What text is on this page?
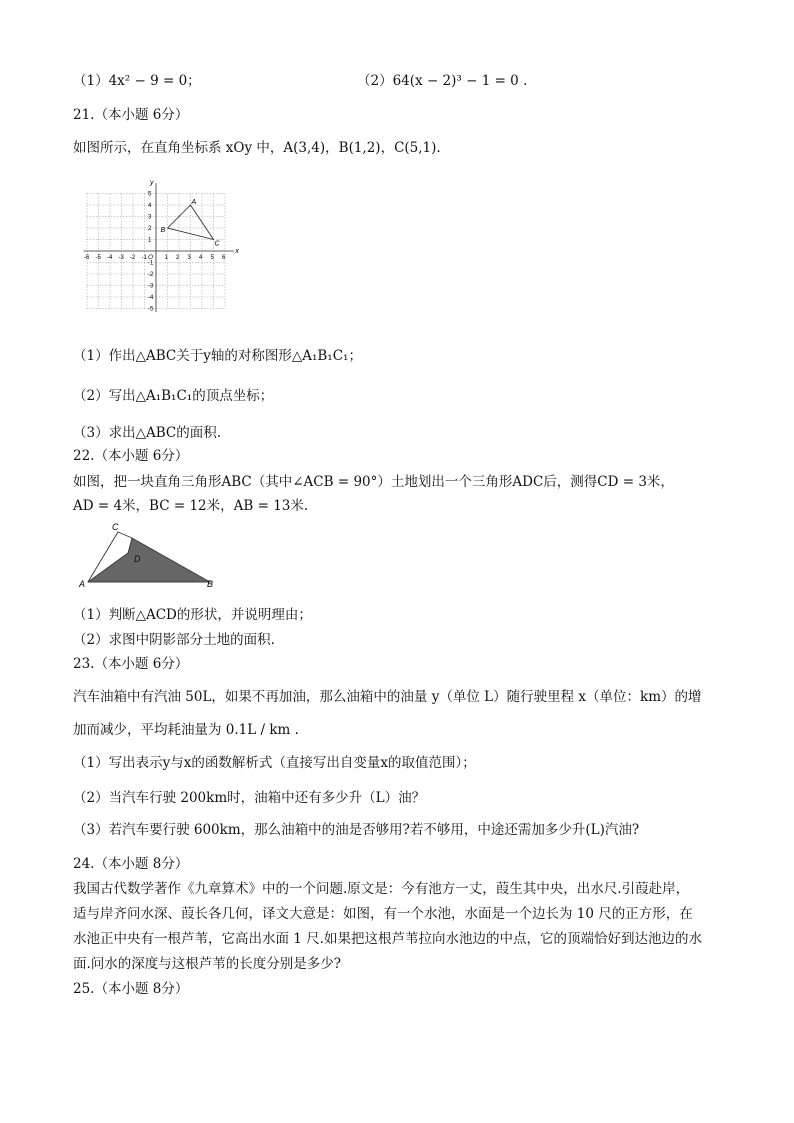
（1）4x² − 9 = 0；	（2）64(x − 2)³ − 1 = 0 .
21.（本小题 6分）
如图所示，在直角坐标系 xOy 中，A(3,4)，B(1,2)，C(5,1).
x
y
O
-6 -5 -4 -3 -2 -1	1 2 3 4 5 6
5
4
3
2
1
-1
-2
-3
-4
-5
A
B
C
（1）作出△ABC关于y轴的对称图形△A₁B₁C₁；
（2）写出△A₁B₁C₁的顶点坐标；
（3）求出△ABC的面积.
22.（本小题 6分）
如图，把一块直角三角形ABC（其中∠ACB = 90°）土地划出一个三角形ADC后，测得CD = 3米，
AD = 4米，BC = 12米，AB = 13米.
C
D
A	B
（1）判断△ACD的形状，并说明理由；
（2）求图中阴影部分土地的面积.
23.（本小题 6分）
汽车油箱中有汽油 50L，如果不再加油，那么油箱中的油量 y（单位 L）随行驶里程 x（单位：km）的增
加而减少，平均耗油量为 0.1L / km .
（1）写出表示y与x的函数解析式（直接写出自变量x的取值范围）；
（2）当汽车行驶 200km时，油箱中还有多少升（L）油？
（3）若汽车要行驶 600km，那么油箱中的油是否够用?若不够用，中途还需加多少升(L)汽油?
24.（本小题 8分）
我国古代数学著作《九章算术》中的一个问题.原文是：今有池方一丈，葭生其中央，出水尺.引葭赴岸，
适与岸齐问水深、葭长各几何，译文大意是：如图，有一个水池，水面是一个边长为 10 尺的正方形，在
水池正中央有一根芦苇，它高出水面 1 尺.如果把这根芦苇拉向水池边的中点，它的顶端恰好到达池边的水
面.问水的深度与这根芦苇的长度分别是多少?
25.（本小题 8分）
